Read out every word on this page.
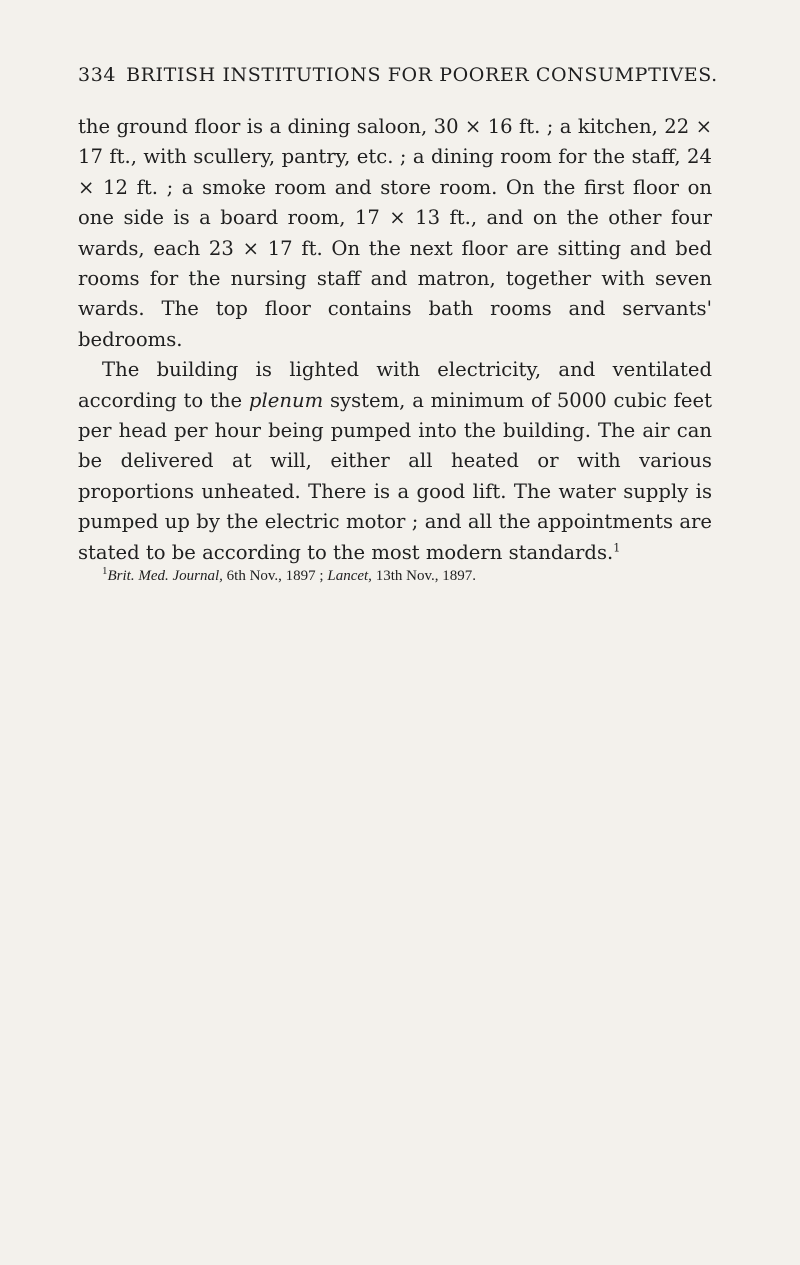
334 BRITISH INSTITUTIONS FOR POORER CONSUMPTIVES.

the ground floor is a dining saloon, 30 × 16 ft. ; a kitchen, 22 × 17 ft., with scullery, pantry, etc. ; a dining room for the staff, 24 × 12 ft. ; a smoke room and store room. On the first floor on one side is a board room, 17 × 13 ft., and on the other four wards, each 23 × 17 ft. On the next floor are sitting and bed rooms for the nursing staff and matron, together with seven wards. The top floor contains bath rooms and servants' bedrooms.

The building is lighted with electricity, and ventilated according to the plenum system, a minimum of 5000 cubic feet per head per hour being pumped into the building. The air can be delivered at will, either all heated or with various proportions unheated. There is a good lift. The water supply is pumped up by the electric motor ; and all the appointments are stated to be according to the most modern standards.$^1$

$^1$Brit. Med. Journal, 6th Nov., 1897 ; Lancet, 13th Nov., 1897.
